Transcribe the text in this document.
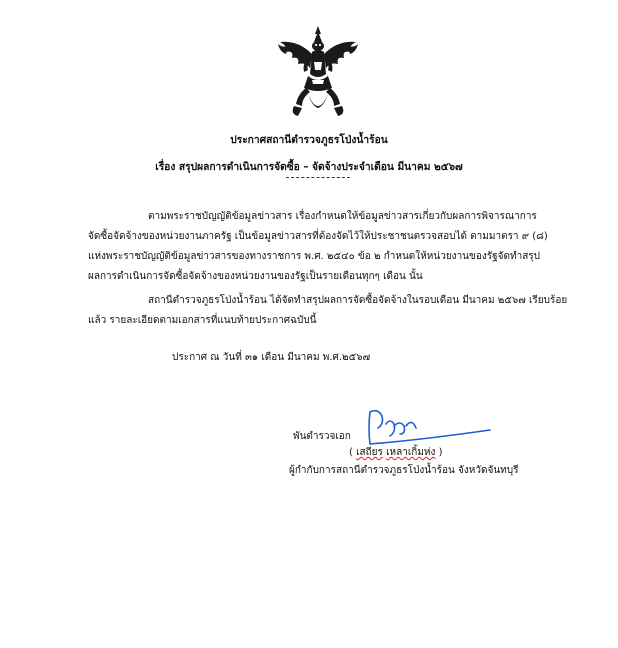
ประกาศสถานีตำรวจภูธรโป่งน้ำร้อน
เรื่อง สรุปผลการดำเนินการจัดซื้อ – จัดจ้างประจำเดือน มีนาคม ๒๕๖๗
ตามพระราชบัญญัติข้อมูลข่าวสาร เรื่องกำหนดให้ข้อมูลข่าวสารเกี่ยวกับผลการพิจารณาการ
จัดซื้อจัดจ้างของหน่วยงานภาครัฐ เป็นข้อมูลข่าวสารที่ต้องจัดไว้ให้ประชาชนตรวจสอบได้ ตามมาตรา ๙ (๘)
แห่งพระราชบัญญัติข้อมูลข่าวสารของทางราชการ พ.ศ. ๒๕๔๐ ข้อ ๒ กำหนดให้หน่วยงานของรัฐจัดทำสรุป
ผลการดำเนินการจัดซื้อจัดจ้างของหน่วยงานของรัฐเป็นรายเดือนทุกๆ เดือน นั้น
สถานีตำรวจภูธรโป่งน้ำร้อน ได้จัดทำสรุปผลการจัดซื้อจัดจ้างในรอบเดือน มีนาคม ๒๕๖๗ เรียบร้อย
แล้ว รายละเอียดตามเอกสารที่แนบท้ายประกาศฉบับนี้
ประกาศ ณ วันที่ ๓๑ เดือน มีนาคม พ.ศ.๒๕๖๗
พันตำรวจเอก
( เสถียร เหลาเกิ้มห่ง )
ผู้กำกับการสถานีตำรวจภูธรโป่งน้ำร้อน จังหวัดจันทบุรี
